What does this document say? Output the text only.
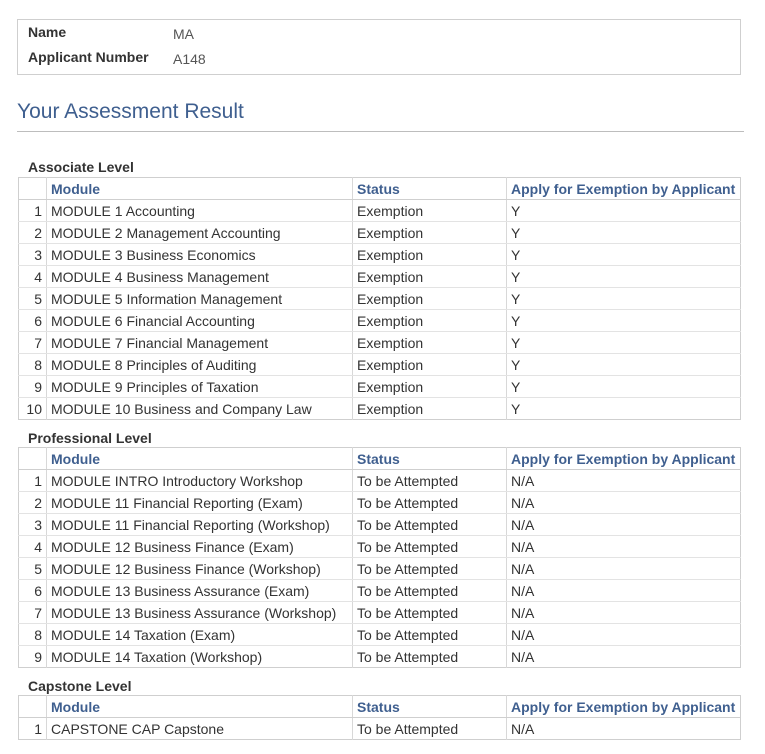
Name	MA
Applicant Number A148
Your Assessment Result
Associate Level
	Module	Status	Apply for Exemption by Applicant
1	MODULE 1 Accounting	Exemption	Y
2	MODULE 2 Management Accounting	Exemption	Y
3	MODULE 3 Business Economics	Exemption	Y
4	MODULE 4 Business Management	Exemption	Y
5	MODULE 5 Information Management	Exemption	Y
6	MODULE 6 Financial Accounting	Exemption	Y
7	MODULE 7 Financial Management	Exemption	Y
8	MODULE 8 Principles of Auditing	Exemption	Y
9	MODULE 9 Principles of Taxation	Exemption	Y
10	MODULE 10 Business and Company Law	Exemption	Y
Professional Level
	Module	Status	Apply for Exemption by Applicant
1	MODULE INTRO Introductory Workshop	To be Attempted	N/A
2	MODULE 11 Financial Reporting (Exam)	To be Attempted	N/A
3	MODULE 11 Financial Reporting (Workshop)	To be Attempted	N/A
4	MODULE 12 Business Finance (Exam)	To be Attempted	N/A
5	MODULE 12 Business Finance (Workshop)	To be Attempted	N/A
6	MODULE 13 Business Assurance (Exam)	To be Attempted	N/A
7	MODULE 13 Business Assurance (Workshop)	To be Attempted	N/A
8	MODULE 14 Taxation (Exam)	To be Attempted	N/A
9	MODULE 14 Taxation (Workshop)	To be Attempted	N/A
Capstone Level
	Module	Status	Apply for Exemption by Applicant
1	CAPSTONE CAP Capstone	To be Attempted	N/A
